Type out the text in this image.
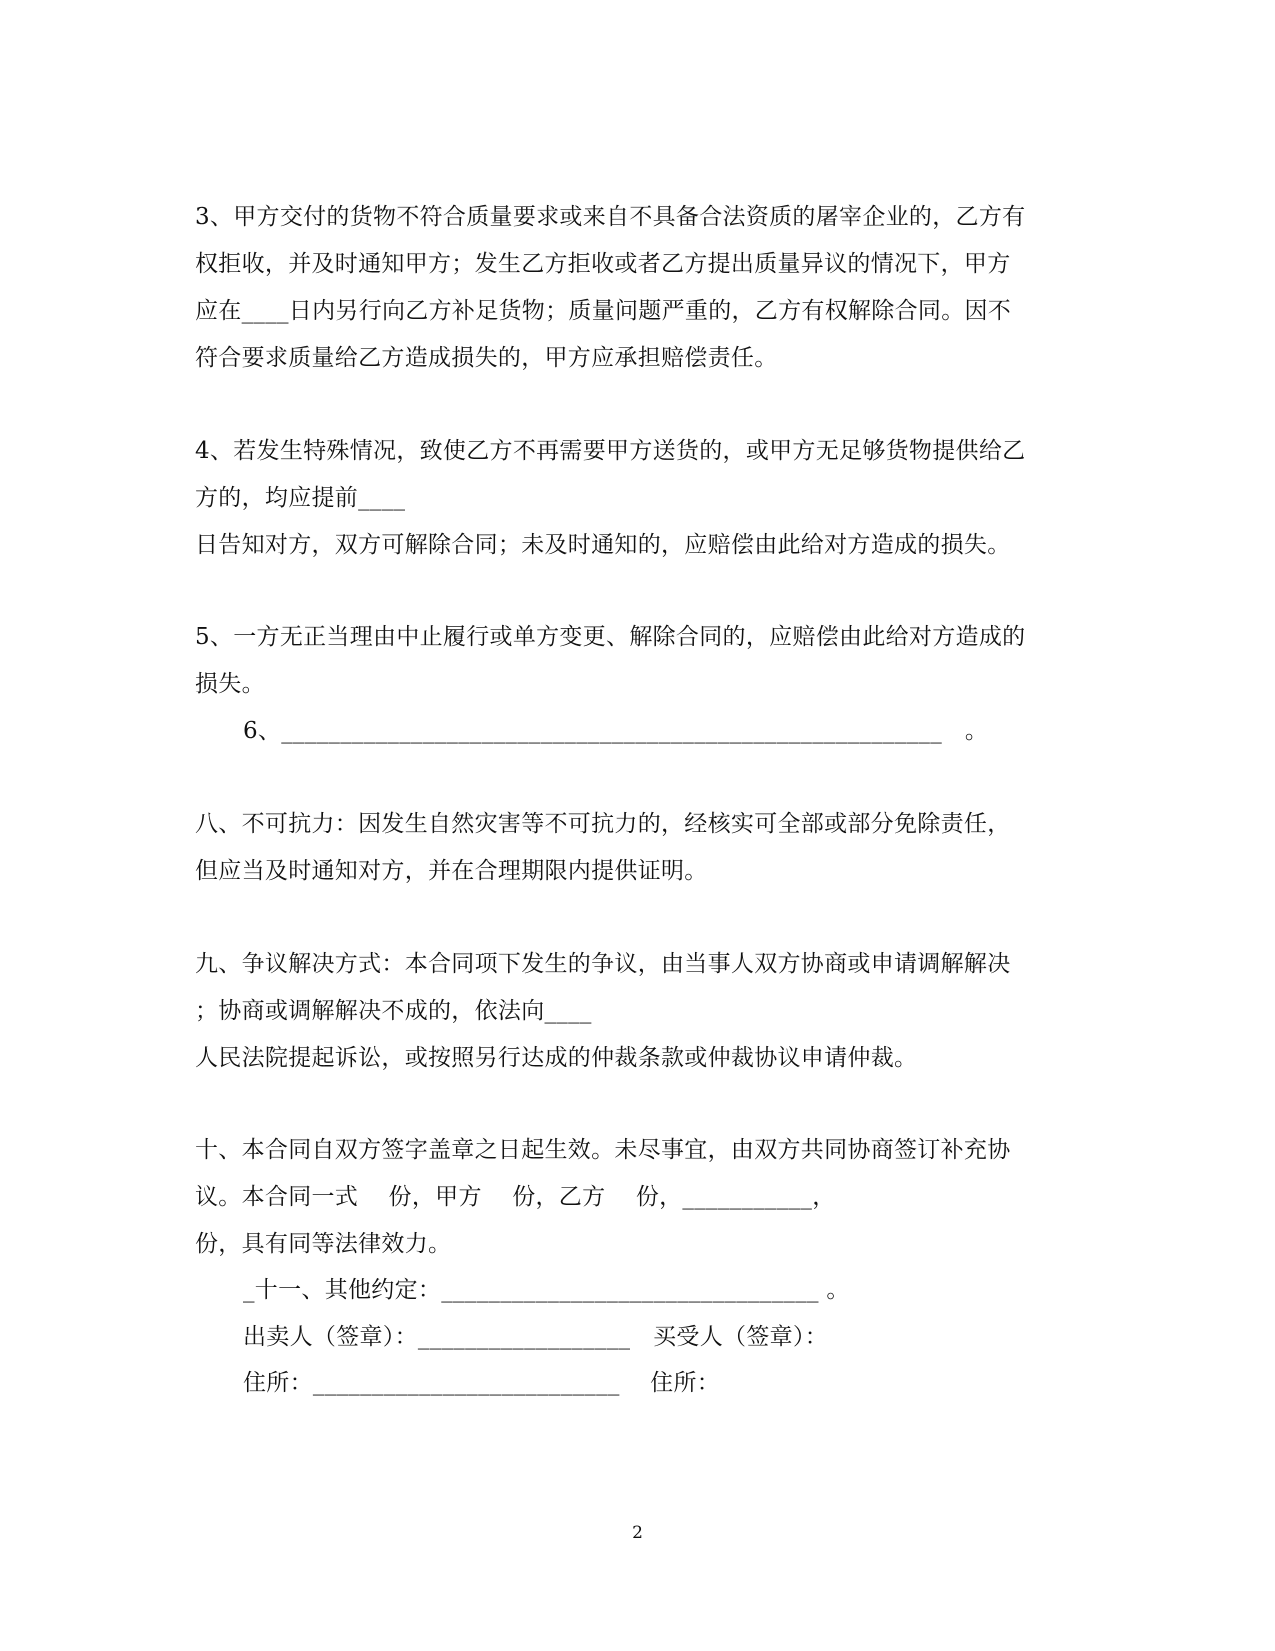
3、甲方交付的货物不符合质量要求或来自不具备合法资质的屠宰企业的，乙方有
权拒收，并及时通知甲方；发生乙方拒收或者乙方提出质量异议的情况下，甲方
应在____日内另行向乙方补足货物；质量问题严重的，乙方有权解除合同。因不
符合要求质量给乙方造成损失的，甲方应承担赔偿责任。
4、若发生特殊情况，致使乙方不再需要甲方送货的，或甲方无足够货物提供给乙
方的，均应提前____
日告知对方，双方可解除合同；未及时通知的，应赔偿由此给对方造成的损失。
5、一方无正当理由中止履行或单方变更、解除合同的，应赔偿由此给对方造成的
损失。
6、________________________________________________________   。
八、不可抗力：因发生自然灾害等不可抗力的，经核实可全部或部分免除责任，
但应当及时通知对方，并在合理期限内提供证明。
九、争议解决方式：本合同项下发生的争议，由当事人双方协商或申请调解解决
；协商或调解解决不成的，依法向____
人民法院提起诉讼，或按照另行达成的仲裁条款或仲裁协议申请仲裁。
十、本合同自双方签字盖章之日起生效。未尽事宜，由双方共同协商签订补充协
议。本合同一式    份，甲方    份，乙方    份，___________，
份，具有同等法律效力。
_十一、其他约定：________________________________ 。
出卖人（签章）：__________________   买受人（签章）：
住所：__________________________    住所：
2
